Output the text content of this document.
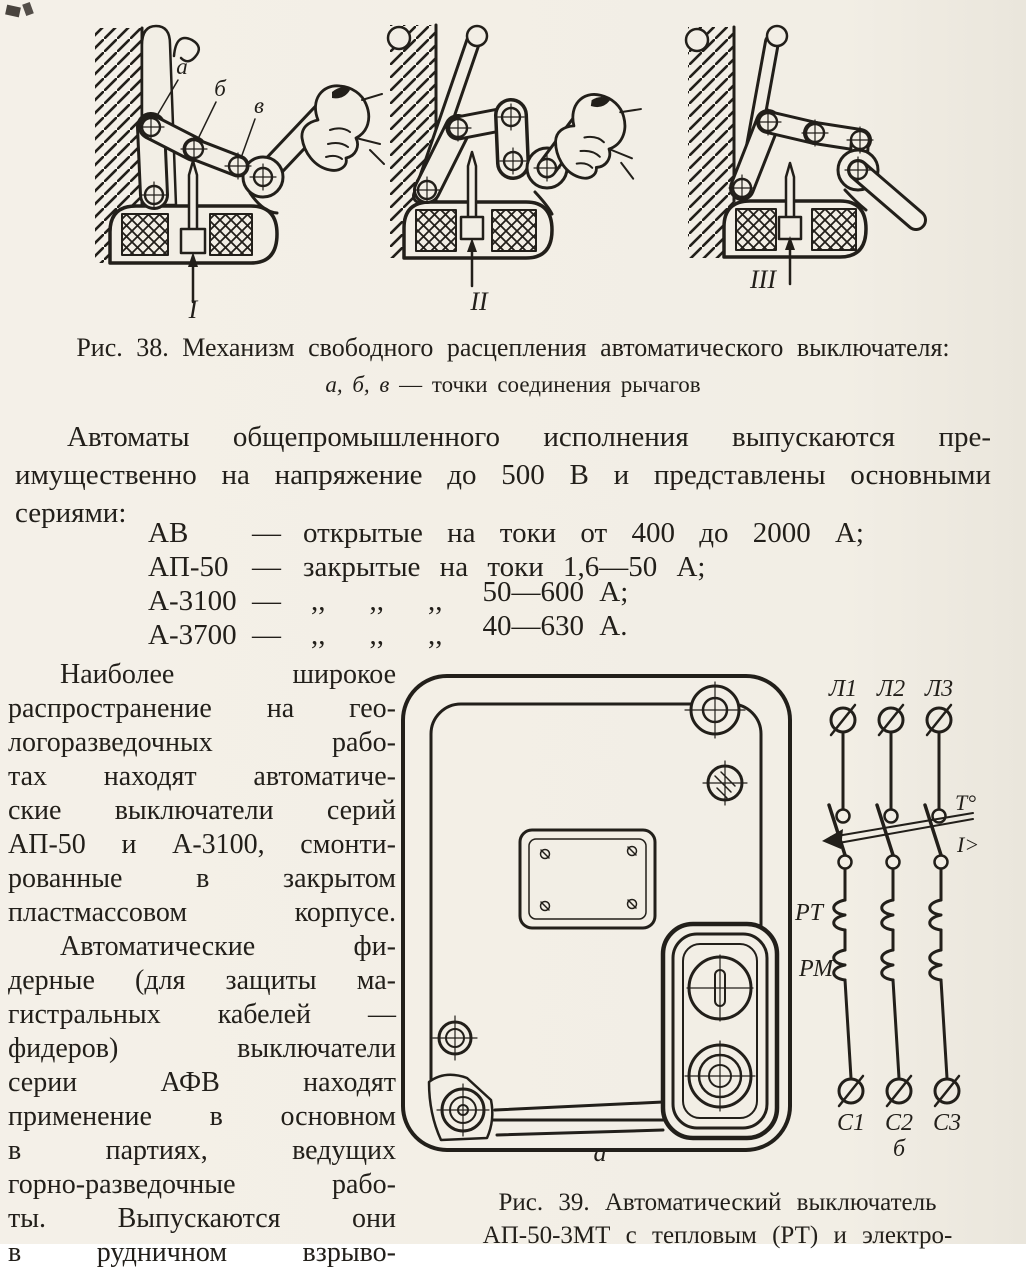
а
б
в
I	II
III
Рис. 38. Механизм свободного расцепления автоматического выключателя:
а, б, в — точки соединения рычагов
Автоматы общепромышленного исполнения выпускаются пре-
имущественно на напряжение до 500 В и представлены основными
сериями:
АВ — открытые на токи от 400 до 2000 А;
АП-50 — закрытые на токи 1,6—50 А;
А-3100 — ,, ,, ,, 50—600 А;
А-3700 — ,, ,, ,, 40—630 А.
Наиболее широкое
распространение на гео-
логоразведочных рабо-
тах находят автоматиче-
ские выключатели серий
АП-50 и А-3100, смонти-
рованные в закрытом
пластмассовом корпусе.
Автоматические фи-
дерные (для защиты ма-
гистральных кабелей —
фидеров) выключатели
серии АФВ находят
применение в основном
в партиях, ведущих
горно-разведочные рабо-
ты. Выпускаются они
в рудничном взрыво-
а
Л1 Л2 Л3
Т°
I>
РТ
РМ
С1 С2 С3
б
Рис. 39. Автоматический выключатель
АП-50-3МТ с тепловым (РТ) и электро-
